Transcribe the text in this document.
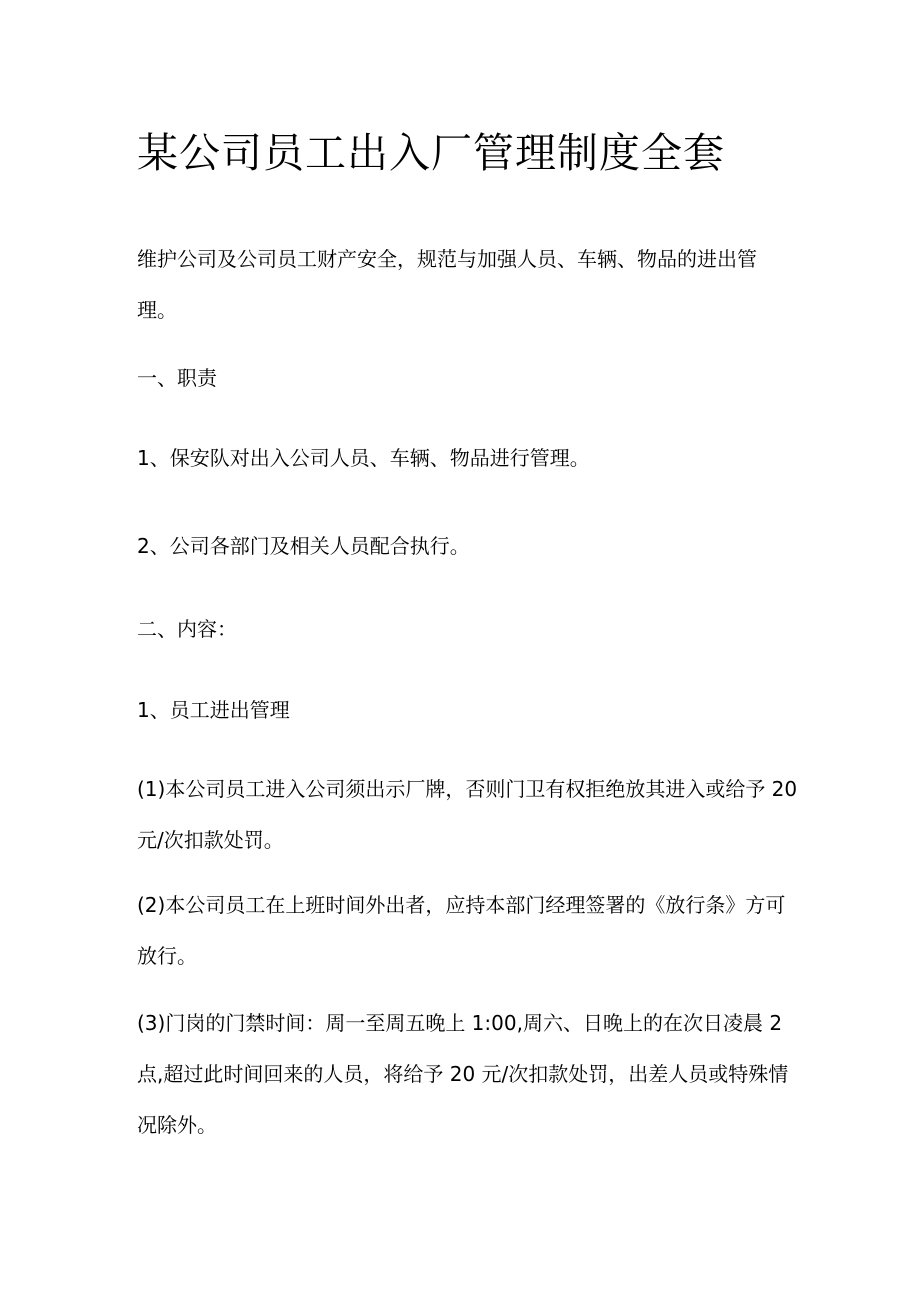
某公司员工出入厂管理制度全套

维护公司及公司员工财产安全，规范与加强人员、车辆、物品的进出管
理。

一、职责

1、保安队对出入公司人员、车辆、物品进行管理。

2、公司各部门及相关人员配合执行。

二、内容：

1、员工进出管理

(1)本公司员工进入公司须出示厂牌，否则门卫有权拒绝放其进入或给予 20
元/次扣款处罚。

(2)本公司员工在上班时间外出者，应持本部门经理签署的《放行条》方可
放行。

(3)门岗的门禁时间：周一至周五晚上 1:00,周六、日晚上的在次日凌晨 2
点,超过此时间回来的人员，将给予 20 元/次扣款处罚，出差人员或特殊情
况除外。
